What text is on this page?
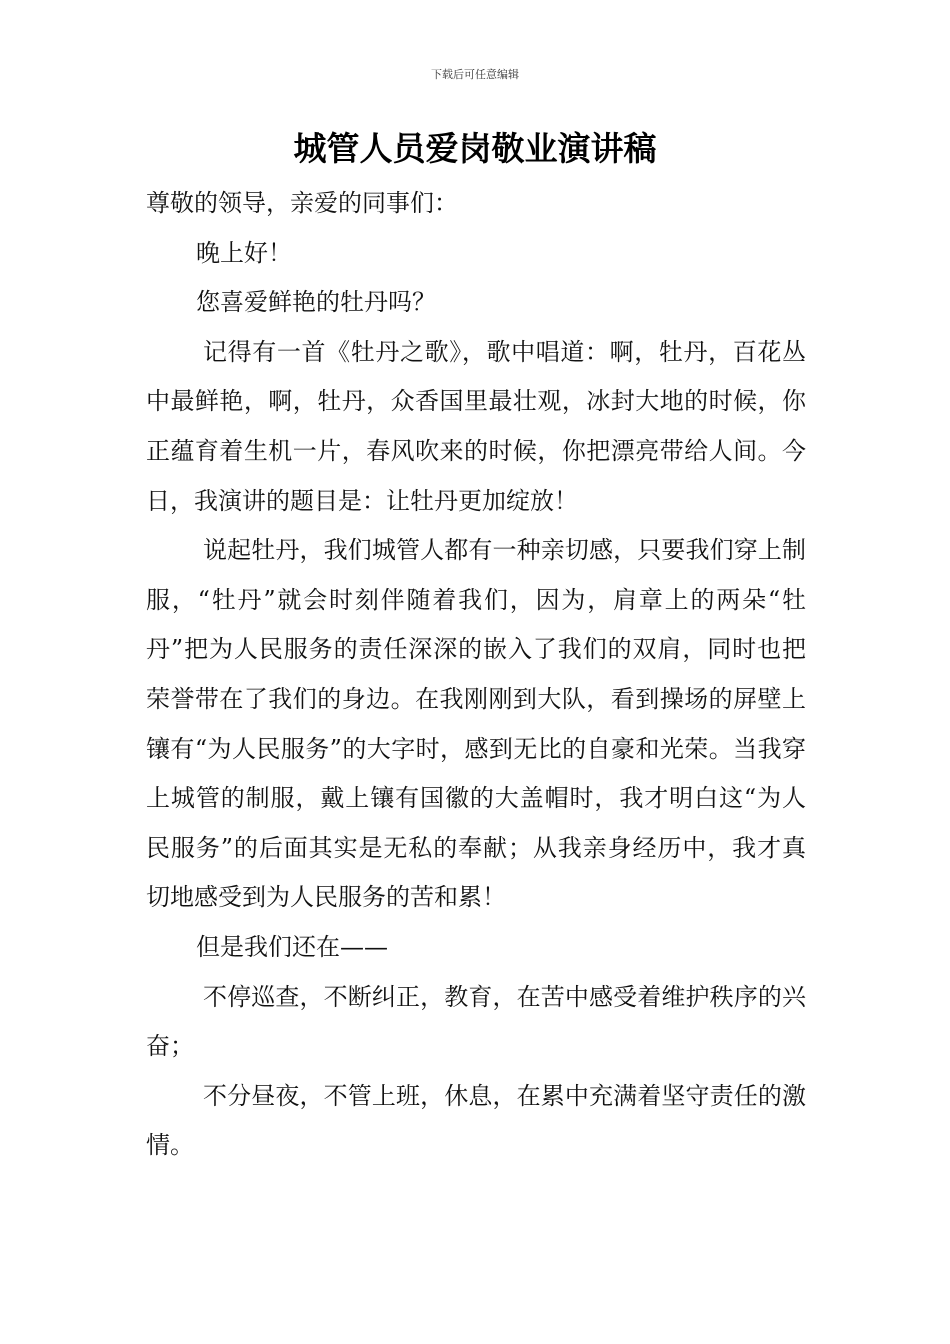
下载后可任意编辑
城管人员爱岗敬业演讲稿

尊敬的领导，亲爱的同事们：

晚上好！

您喜爱鲜艳的牡丹吗？

记得有一首《牡丹之歌》，歌中唱道：啊，牡丹，百花丛中最鲜艳，啊，牡丹，众香国里最壮观，冰封大地的时候，你正蕴育着生机一片，春风吹来的时候，你把漂亮带给人间。今日，我演讲的题目是：让牡丹更加绽放！

说起牡丹，我们城管人都有一种亲切感，只要我们穿上制服，“牡丹”就会时刻伴随着我们，因为，肩章上的两朵“牡丹”把为人民服务的责任深深的嵌入了我们的双肩，同时也把荣誉带在了我们的身边。在我刚刚到大队，看到操场的屏壁上镶有“为人民服务”的大字时，感到无比的自豪和光荣。当我穿上城管的制服，戴上镶有国徽的大盖帽时，我才明白这“为人民服务”的后面其实是无私的奉献；从我亲身经历中，我才真切地感受到为人民服务的苦和累！

但是我们还在——

不停巡查，不断纠正，教育，在苦中感受着维护秩序的兴奋；

不分昼夜，不管上班，休息，在累中充满着坚守责任的激情。
